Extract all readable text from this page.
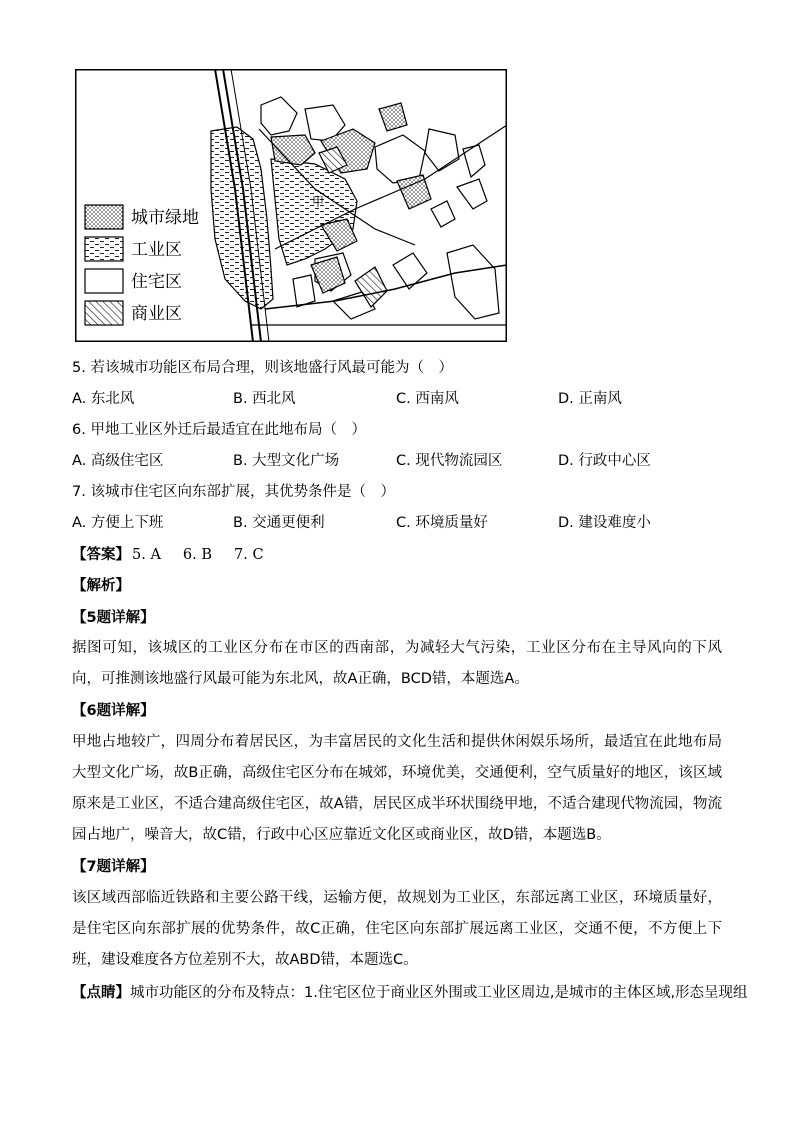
甲
城市绿地
工业区
住宅区
商业区
5. 若该城市功能区布局合理，则该地盛行风最可能为（　）
A. 东北风	B. 西北风	C. 西南风	D. 正南风
6. 甲地工业区外迁后最适宜在此地布局（　）
A. 高级住宅区	B. 大型文化广场	C. 现代物流园区	D. 行政中心区
7. 该城市住宅区向东部扩展，其优势条件是（　）
A. 方便上下班	B. 交通更便利	C. 环境质量好	D. 建设难度小
【答案】 5. A 6. B 7. C
【解析】
【5题详解】
据图可知，该城区的工业区分布在市区的西南部，为减轻大气污染，工业区分布在主导风向的下风向，可推测该地盛行风最可能为东北风，故A正确，BCD错，本题选A。
【6题详解】
甲地占地较广，四周分布着居民区，为丰富居民的文化生活和提供休闲娱乐场所，最适宜在此地布局大型文化广场，故B正确，高级住宅区分布在城郊，环境优美，交通便利，空气质量好的地区，该区域原来是工业区，不适合建高级住宅区，故A错，居民区成半环状围绕甲地，不适合建现代物流园，物流园占地广，噪音大，故C错，行政中心区应靠近文化区或商业区，故D错，本题选B。
【7题详解】
该区域西部临近铁路和主要公路干线，运输方便，故规划为工业区，东部远离工业区，环境质量好，是住宅区向东部扩展的优势条件，故C正确，住宅区向东部扩展远离工业区，交通不便，不方便上下班，建设难度各方位差别不大，故ABD错，本题选C。
【点睛】城市功能区的分布及特点：1.住宅区位于商业区外围或工业区周边,是城市的主体区域,形态呈现组
